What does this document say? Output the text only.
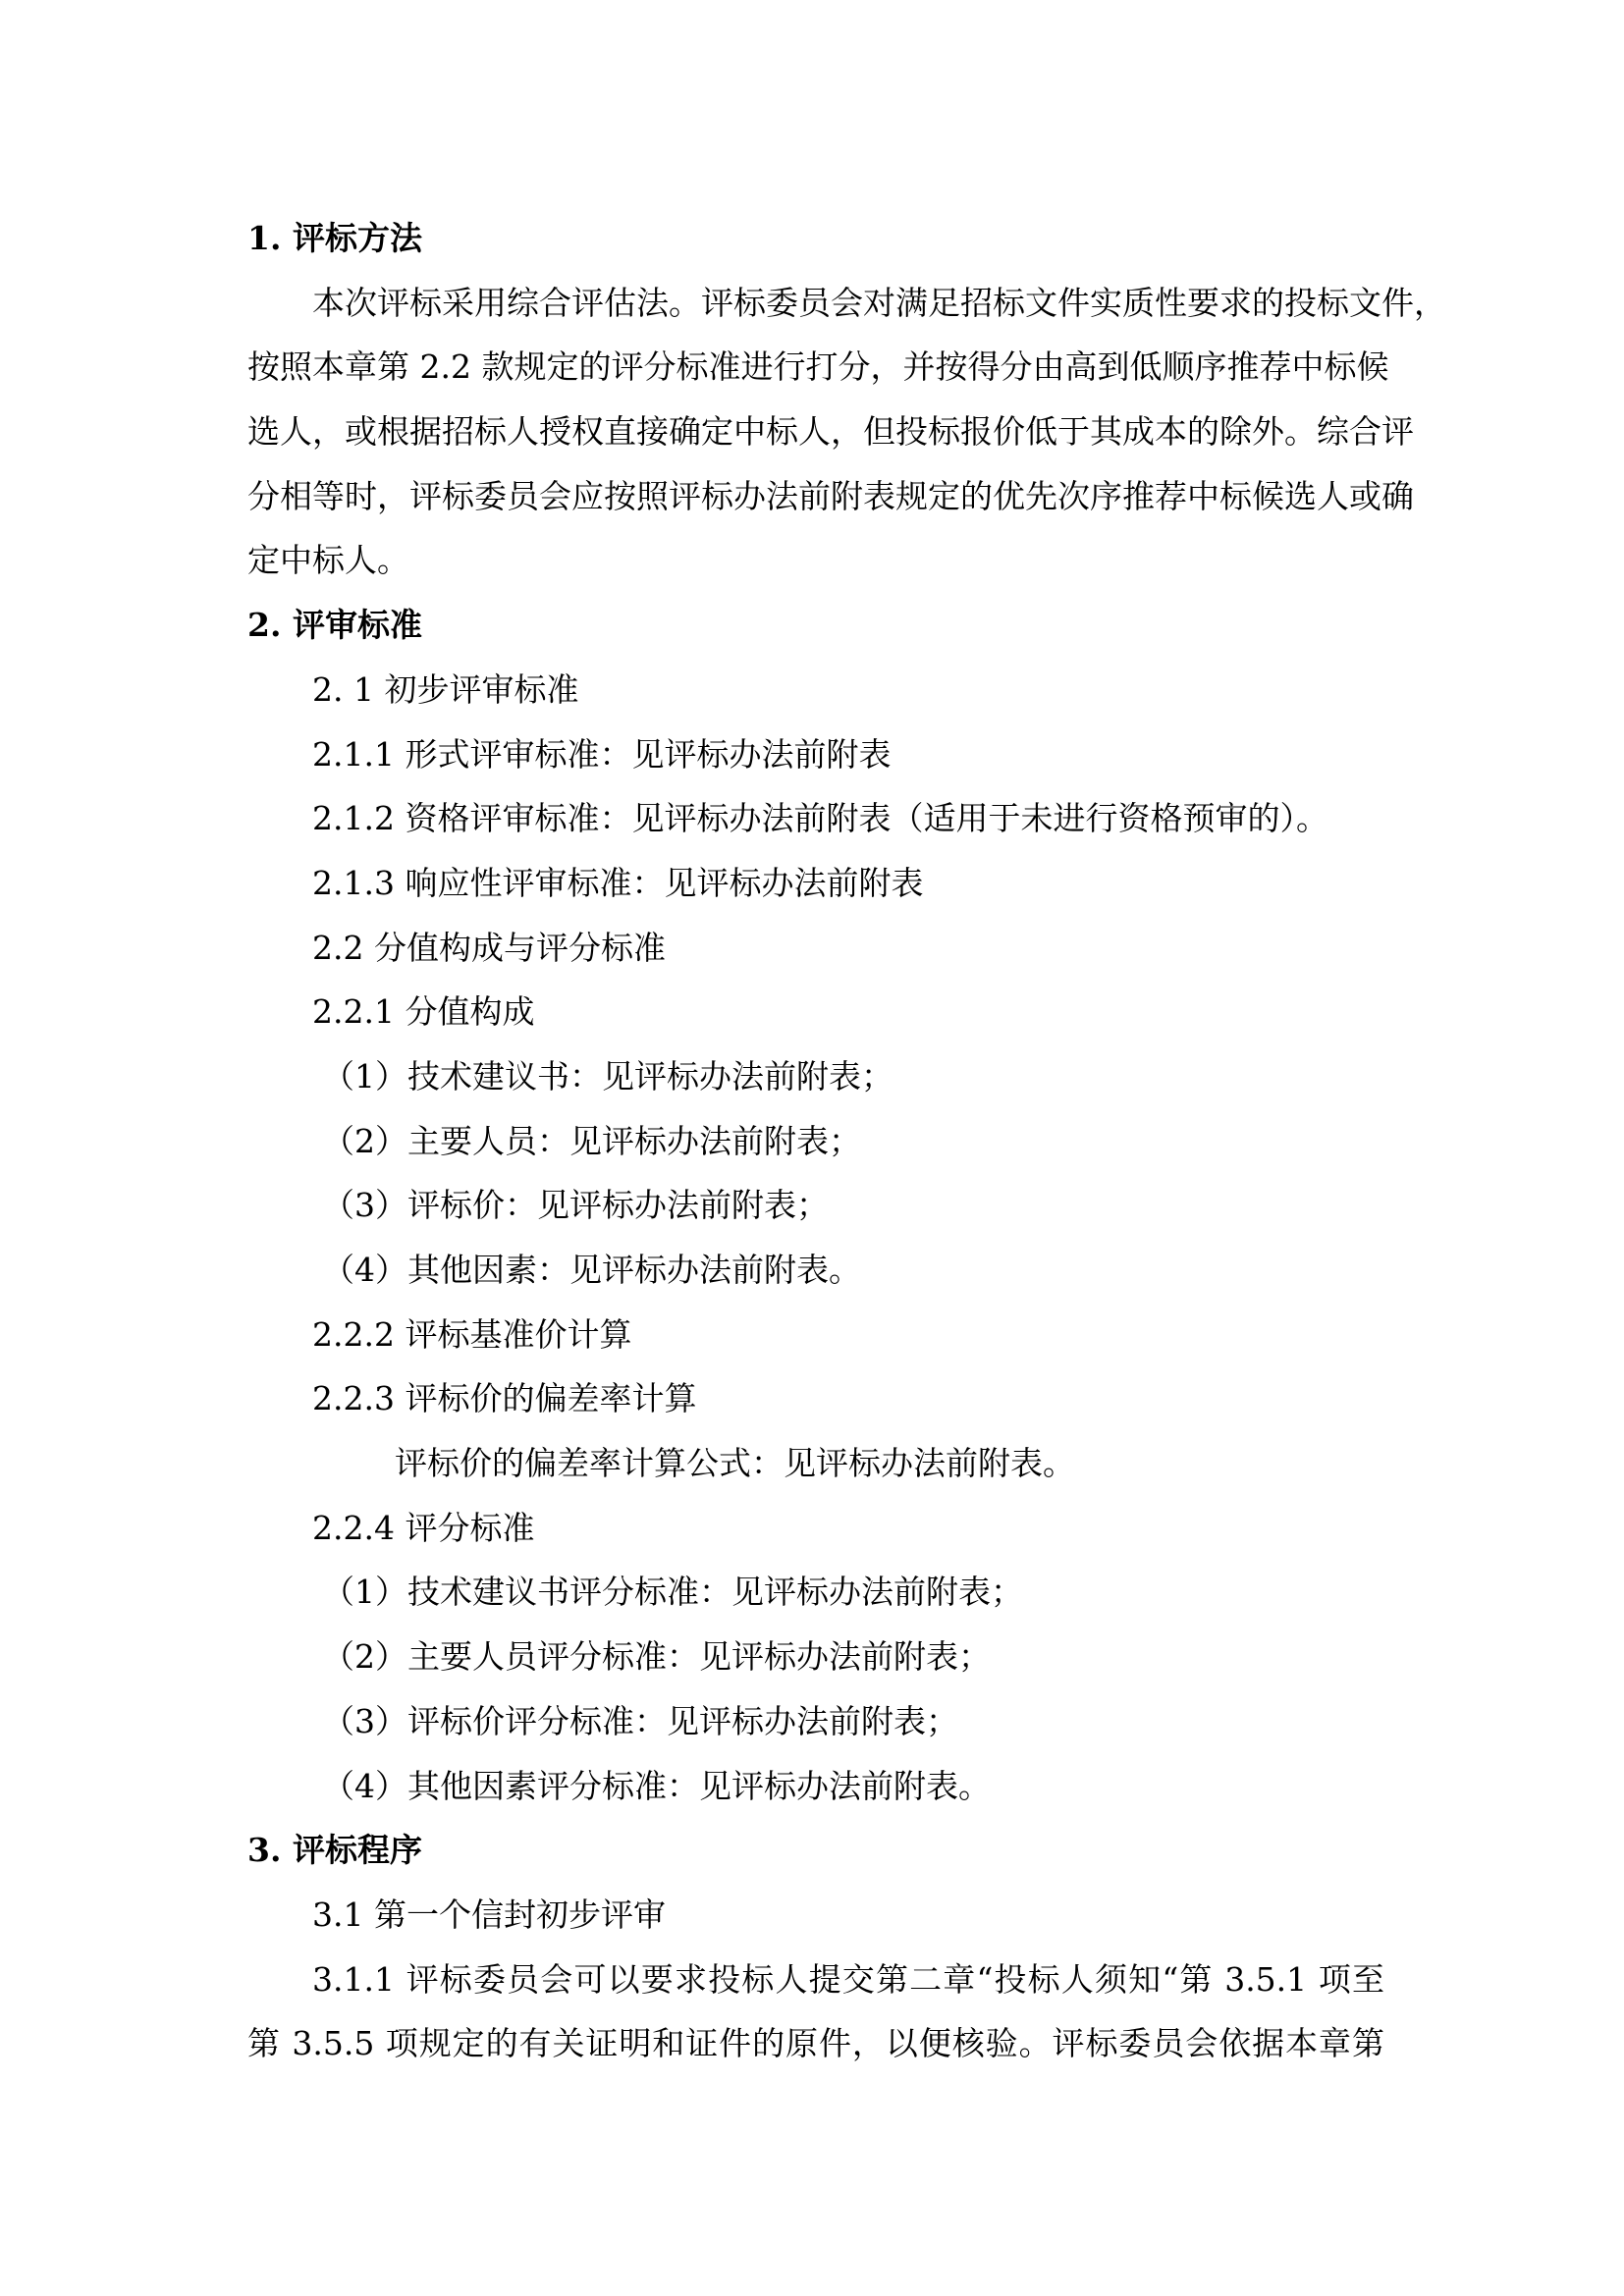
1. 评标方法
本次评标采用综合评估法。评标委员会对满足招标文件实质性要求的投标文件，
按照本章第 2.2 款规定的评分标准进行打分，并按得分由高到低顺序推荐中标候
选人，或根据招标人授权直接确定中标人，但投标报价低于其成本的除外。综合评
分相等时，评标委员会应按照评标办法前附表规定的优先次序推荐中标候选人或确
定中标人。
2. 评审标准
2. 1 初步评审标准
2.1.1 形式评审标准：见评标办法前附表
2.1.2 资格评审标准：见评标办法前附表（适用于未进行资格预审的）。
2.1.3 响应性评审标准：见评标办法前附表
2.2 分值构成与评分标准
2.2.1 分值构成
（1）技术建议书：见评标办法前附表；
（2）主要人员：见评标办法前附表；
（3）评标价：见评标办法前附表；
（4）其他因素：见评标办法前附表。
2.2.2 评标基准价计算
2.2.3 评标价的偏差率计算
评标价的偏差率计算公式：见评标办法前附表。
2.2.4 评分标准
（1）技术建议书评分标准：见评标办法前附表；
（2）主要人员评分标准：见评标办法前附表；
（3）评标价评分标准：见评标办法前附表；
（4）其他因素评分标准：见评标办法前附表。
3. 评标程序
3.1 第一个信封初步评审
3.1.1 评标委员会可以要求投标人提交第二章“投标人须知“第 3.5.1 项至
第 3.5.5 项规定的有关证明和证件的原件，以便核验。评标委员会依据本章第
